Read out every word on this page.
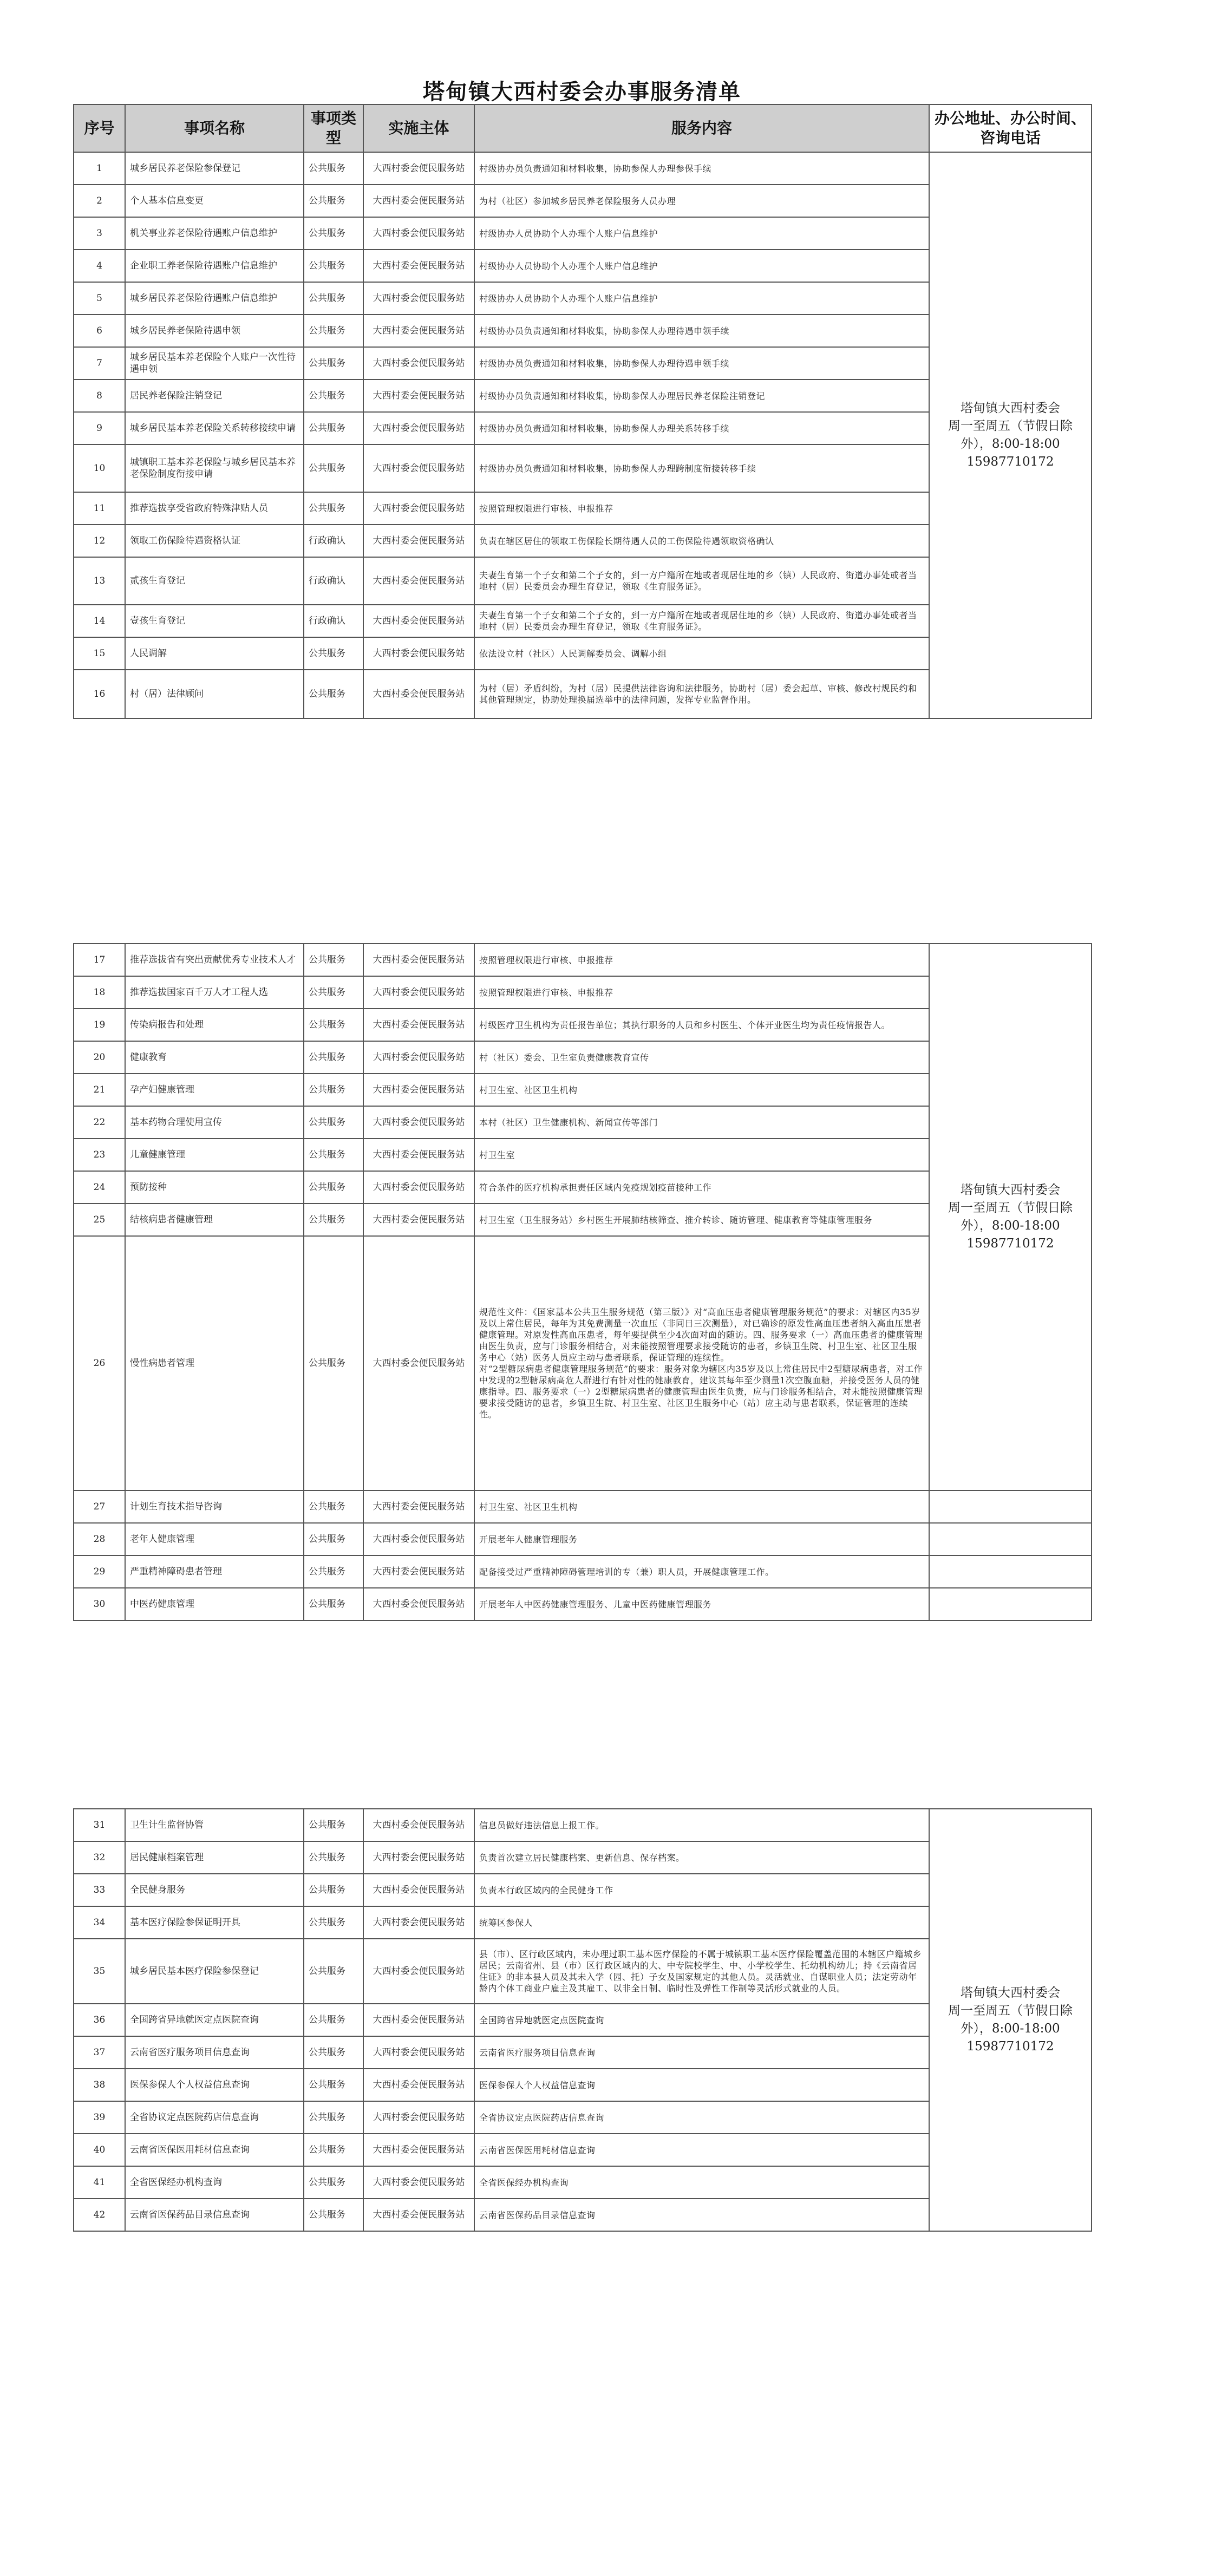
塔甸镇大西村委会办事服务清单
序号	事项名称	事项类型	实施主体	服务内容	办公地址、办公时间、咨询电话
1	城乡居民养老保险参保登记	公共服务	大西村委会便民服务站	村级协办员负责通知和材料收集，协助参保人办理参保手续	塔甸镇大西村委会
周一至周五（节假日除外），8:00-18:00
15987710172

2	个人基本信息变更	公共服务	大西村委会便民服务站	为村（社区）参加城乡居民养老保险服务人员办理	
3	机关事业养老保险待遇账户信息维护	公共服务	大西村委会便民服务站	村级协办人员协助个人办理个人账户信息维护	
4	企业职工养老保险待遇账户信息维护	公共服务	大西村委会便民服务站	村级协办人员协助个人办理个人账户信息维护	
5	城乡居民养老保险待遇账户信息维护	公共服务	大西村委会便民服务站	村级协办人员协助个人办理个人账户信息维护	
6	城乡居民养老保险待遇申领	公共服务	大西村委会便民服务站	村级协办员负责通知和材料收集，协助参保人办理待遇申领手续	
7	城乡居民基本养老保险个人账户一次性待遇申领	公共服务	大西村委会便民服务站	村级协办员负责通知和材料收集，协助参保人办理待遇申领手续	
8	居民养老保险注销登记	公共服务	大西村委会便民服务站	村级协办员负责通知和材料收集，协助参保人办理居民养老保险注销登记	
9	城乡居民基本养老保险关系转移接续申请	公共服务	大西村委会便民服务站	村级协办员负责通知和材料收集，协助参保人办理关系转移手续	
10	城镇职工基本养老保险与城乡居民基本养老保险制度衔接申请	公共服务	大西村委会便民服务站	村级协办员负责通知和材料收集，协助参保人办理跨制度衔接转移手续	
11	推荐选拔享受省政府特殊津贴人员	公共服务	大西村委会便民服务站	按照管理权限进行审核、申报推荐	
12	领取工伤保险待遇资格认证	行政确认	大西村委会便民服务站	负责在辖区居住的领取工伤保险长期待遇人员的工伤保险待遇领取资格确认	
13	贰孩生育登记	行政确认	大西村委会便民服务站	夫妻生育第一个子女和第二个子女的，到一方户籍所在地或者现居住地的乡（镇）人民政府、街道办事处或者当地村（居）民委员会办理生育登记，领取《生育服务证》。	
14	壹孩生育登记	行政确认	大西村委会便民服务站	夫妻生育第一个子女和第二个子女的，到一方户籍所在地或者现居住地的乡（镇）人民政府、街道办事处或者当地村（居）民委员会办理生育登记，领取《生育服务证》。	
15	人民调解	公共服务	大西村委会便民服务站	依法设立村（社区）人民调解委员会、调解小组	
16	村（居）法律顾问	公共服务	大西村委会便民服务站	为村（居）矛盾纠纷，为村（居）民提供法律咨询和法律服务，协助村（居）委会起草、审核、修改村规民约和其他管理规定，协助处理换届选举中的法律问题，发挥专业监督作用。	
17	推荐选拔省有突出贡献优秀专业技术人才	公共服务	大西村委会便民服务站	按照管理权限进行审核、申报推荐	塔甸镇大西村委会
周一至周五（节假日除外），8:00-18:00
15987710172

18	推荐选拔国家百千万人才工程人选	公共服务	大西村委会便民服务站	按照管理权限进行审核、申报推荐	
19	传染病报告和处理	公共服务	大西村委会便民服务站	村级医疗卫生机构为责任报告单位；其执行职务的人员和乡村医生、个体开业医生均为责任疫情报告人。	
20	健康教育	公共服务	大西村委会便民服务站	村（社区）委会、卫生室负责健康教育宣传	
21	孕产妇健康管理	公共服务	大西村委会便民服务站	村卫生室、社区卫生机构	
22	基本药物合理使用宣传	公共服务	大西村委会便民服务站	本村（社区）卫生健康机构、新闻宣传等部门	
23	儿童健康管理	公共服务	大西村委会便民服务站	村卫生室	
24	预防接种	公共服务	大西村委会便民服务站	符合条件的医疗机构承担责任区域内免疫规划疫苗接种工作	
25	结核病患者健康管理	公共服务	大西村委会便民服务站	村卫生室（卫生服务站）乡村医生开展肺结核筛查、推介转诊、随访管理、健康教育等健康管理服务	
26	慢性病患者管理	公共服务	大西村委会便民服务站	规范性文件：《国家基本公共卫生服务规范（第三版）》对“高血压患者健康管理服务规范”的要求：对辖区内35岁及以上常住居民，每年为其免费测量一次血压（非同日三次测量），对已确诊的原发性高血压患者纳入高血压患者健康管理。对原发性高血压患者，每年要提供至少4次面对面的随访。四、服务要求（一）高血压患者的健康管理由医生负责，应与门诊服务相结合，对未能按照管理要求接受随访的患者，乡镇卫生院、村卫生室、社区卫生服务中心（站）医务人员应主动与患者联系，保证管理的连续性。
对“2型糖尿病患者健康管理服务规范”的要求：服务对象为辖区内35岁及以上常住居民中2型糖尿病患者，对工作中发现的2型糖尿病高危人群进行有针对性的健康教育，建议其每年至少测量1次空腹血糖，并接受医务人员的健康指导。四、服务要求（一）2型糖尿病患者的健康管理由医生负责，应与门诊服务相结合，对未能按照健康管理要求接受随访的患者，乡镇卫生院、村卫生室、社区卫生服务中心（站）应主动与患者联系，保证管理的连续性。	
27	计划生育技术指导咨询	公共服务	大西村委会便民服务站	村卫生室、社区卫生机构	
28	老年人健康管理	公共服务	大西村委会便民服务站	开展老年人健康管理服务	
29	严重精神障碍患者管理	公共服务	大西村委会便民服务站	配备接受过严重精神障碍管理培训的专（兼）职人员，开展健康管理工作。	
30	中医药健康管理	公共服务	大西村委会便民服务站	开展老年人中医药健康管理服务、儿童中医药健康管理服务	
31	卫生计生监督协管	公共服务	大西村委会便民服务站	信息员做好违法信息上报工作。	塔甸镇大西村委会
周一至周五（节假日除外），8:00-18:00
15987710172

32	居民健康档案管理	公共服务	大西村委会便民服务站	负责首次建立居民健康档案、更新信息、保存档案。	
33	全民健身服务	公共服务	大西村委会便民服务站	负责本行政区域内的全民健身工作	
34	基本医疗保险参保证明开具	公共服务	大西村委会便民服务站	统筹区参保人	
35	城乡居民基本医疗保险参保登记	公共服务	大西村委会便民服务站	县（市）、区行政区域内，未办理过职工基本医疗保险的不属于城镇职工基本医疗保险覆盖范围的本辖区户籍城乡居民；云南省州、县（市）区行政区域内的大、中专院校学生、中、小学校学生、托幼机构幼儿；持《云南省居住证》的非本县人员及其未入学（园、托）子女及国家规定的其他人员。灵活就业、自谋职业人员；法定劳动年龄内个体工商业户雇主及其雇工、以非全日制、临时性及弹性工作制等灵活形式就业的人员。	
36	全国跨省异地就医定点医院查询	公共服务	大西村委会便民服务站	全国跨省异地就医定点医院查询	
37	云南省医疗服务项目信息查询	公共服务	大西村委会便民服务站	云南省医疗服务项目信息查询	
38	医保参保人个人权益信息查询	公共服务	大西村委会便民服务站	医保参保人个人权益信息查询	
39	全省协议定点医院药店信息查询	公共服务	大西村委会便民服务站	全省协议定点医院药店信息查询	
40	云南省医保医用耗材信息查询	公共服务	大西村委会便民服务站	云南省医保医用耗材信息查询	
41	全省医保经办机构查询	公共服务	大西村委会便民服务站	全省医保经办机构查询	
42	云南省医保药品目录信息查询	公共服务	大西村委会便民服务站	云南省医保药品目录信息查询	
